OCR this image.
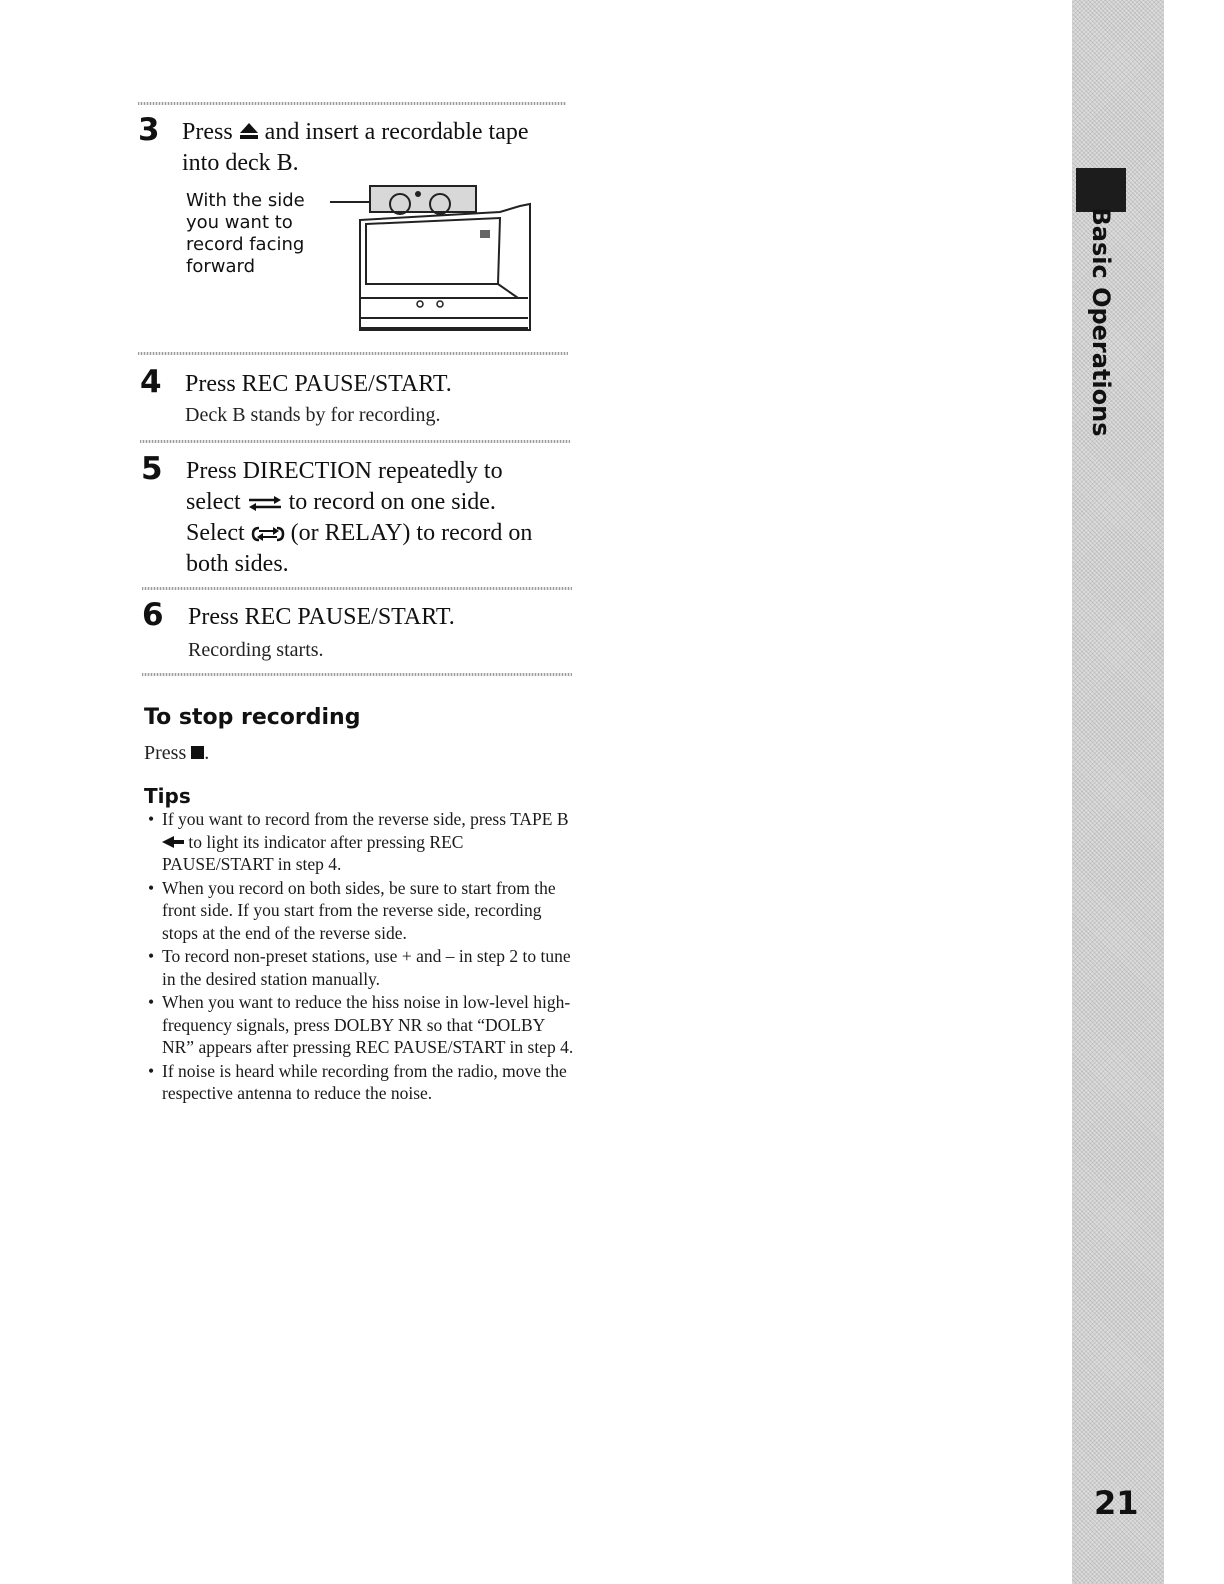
3 Press and insert a recordable tape
into deck B.
With the side you want to record facing forward
4 Press REC PAUSE/START.
Deck B stands by for recording.
5 Press DIRECTION repeatedly to
select to record on one side.
Select (or RELAY) to record on
both sides.
6 Press REC PAUSE/START.
Recording starts.
To stop recording
Press .
Tips
• If you want to record from the reverse side, press TAPE B  to light its indicator after pressing REC PAUSE/START in step 4.
• When you record on both sides, be sure to start from the front side. If you start from the reverse side, recording stops at the end of the reverse side.
• To record non-preset stations, use + and – in step 2 to tune in the desired station manually.
• When you want to reduce the hiss noise in low-level high-frequency signals, press DOLBY NR so that “DOLBY NR” appears after pressing REC PAUSE/START in step 4.
• If noise is heard while recording from the radio, move the respective antenna to reduce the noise.
Basic Operations
21
